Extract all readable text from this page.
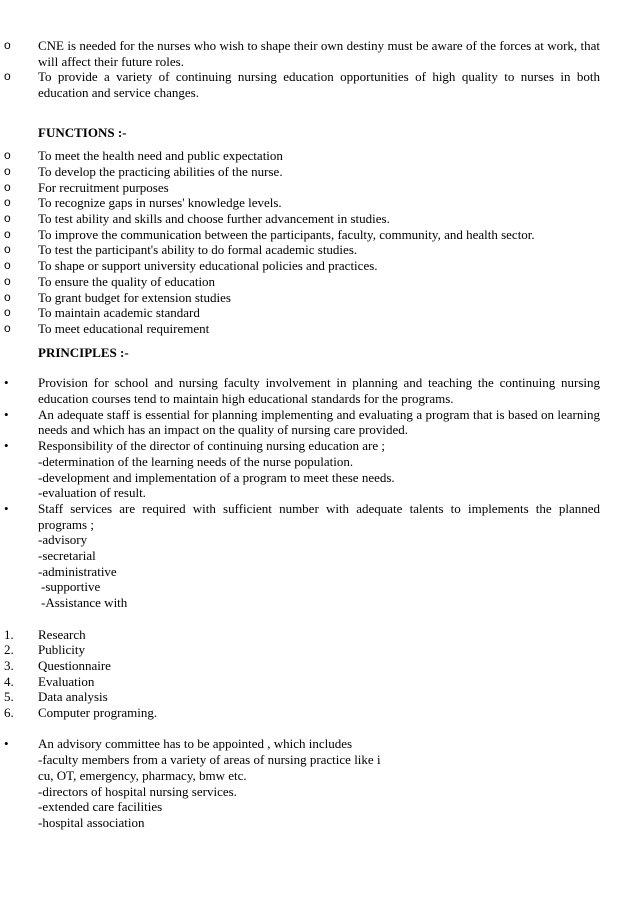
o	CNE is needed for the nurses who wish to shape their own destiny must be aware of the forces at work, that will affect their future roles.
o	To provide a variety of continuing nursing education opportunities of high quality to nurses in both education and service changes.
FUNCTIONS :-
o	To meet the health need and public expectation
o	To develop the practicing abilities of the nurse.
o	For recruitment purposes
o	To recognize gaps in nurses' knowledge levels.
o	To test ability and skills and choose further advancement in studies.
o	To improve the communication between the participants, faculty, community, and health sector.
o	To test the participant's ability to do formal academic studies.
o	To shape or support university educational policies and practices.
o	To ensure the quality of education
o	To grant budget for extension studies
o	To maintain academic standard
o	To meet educational requirement
PRINCIPLES :-
•	Provision for school and nursing faculty involvement in planning and teaching the continuing nursing education courses tend to maintain high educational standards for the programs.
•	An adequate staff is essential for planning implementing and evaluating a program that is based on learning needs and which has an impact on the quality of nursing care provided.
•	Responsibility of the director of continuing nursing education are ;
-determination of the learning needs of the nurse population.
-development and implementation of a program to meet these needs.
-evaluation of result.
•	Staff services are required with sufficient number with adequate talents to implements the planned programs ;
-advisory
-secretarial
-administrative
-supportive
-Assistance with
1.	Research
2.	Publicity
3.	Questionnaire
4.	Evaluation
5.	Data analysis
6.	Computer programing.
•	An advisory committee has to be appointed , which includes
-faculty members from a variety of areas of nursing practice like i
cu, OT, emergency, pharmacy, bmw etc.
-directors of hospital nursing services.
-extended care facilities
-hospital association
